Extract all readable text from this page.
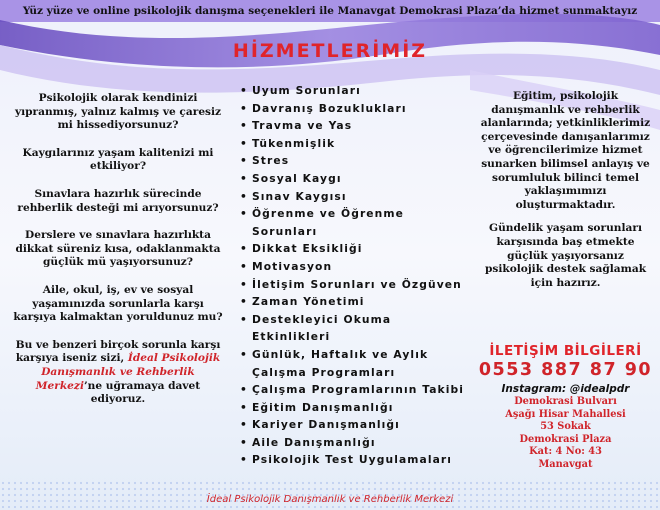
Yüz yüze ve online psikolojik danışma seçenekleri ile Manavgat Demokrasi Plaza’da hizmet sunmaktayız
HİZMETLERİMİZ

Psikolojik olarak kendinizi yıpranmış, yalnız kalmış ve çaresiz mi hissediyorsunuz?

Kaygılarınız yaşam kalitenizi mi etkiliyor?

Sınavlara hazırlık sürecinde rehberlik desteği mi arıyorsunuz?

Derslere ve sınavlara hazırlıkta dikkat süreniz kısa, odaklanmakta güçlük mü yaşıyorsunuz?

Aile, okul, iş, ev ve sosyal yaşamınızda sorunlarla karşı karşıya kalmaktan yoruldunuz mu?

Bu ve benzeri birçok sorunla karşı karşıya iseniz sizi, İdeal Psikolojik Danışmanlık ve Rehberlik Merkezi’ne uğramaya davet ediyoruz.

• Uyum Sorunları
• Davranış Bozuklukları
• Travma ve Yas
• Tükenmişlik
• Stres
• Sosyal Kaygı
• Sınav Kaygısı
• Öğrenme ve Öğrenme Sorunları
• Dikkat Eksikliği
• Motivasyon
• İletişim Sorunları ve Özgüven
• Zaman Yönetimi
• Destekleyici Okuma Etkinlikleri
• Günlük, Haftalık ve Aylık Çalışma Programları
• Çalışma Programlarının Takibi
• Eğitim Danışmanlığı
• Kariyer Danışmanlığı
• Aile Danışmanlığı
• Psikolojik Test Uygulamaları

Eğitim, psikolojik danışmanlık ve rehberlik alanlarında; yetkinliklerimiz çerçevesinde danışanlarımız ve öğrencilerimize hizmet sunarken bilimsel anlayış ve sorumluluk bilinci temel yaklaşımımızı oluşturmaktadır.

Gündelik yaşam sorunları karşısında baş etmekte güçlük yaşıyorsanız psikolojik destek sağlamak için hazırız.

İLETİŞİM BİLGİLERİ
0553 887 87 90
Instagram: @idealpdr
Demokrasi Bulvarı
Aşağı Hisar Mahallesi
53 Sokak
Demokrasi Plaza
Kat: 4 No: 43
Manavgat
İdeal Psikolojik Danışmanlık ve Rehberlik Merkezi
